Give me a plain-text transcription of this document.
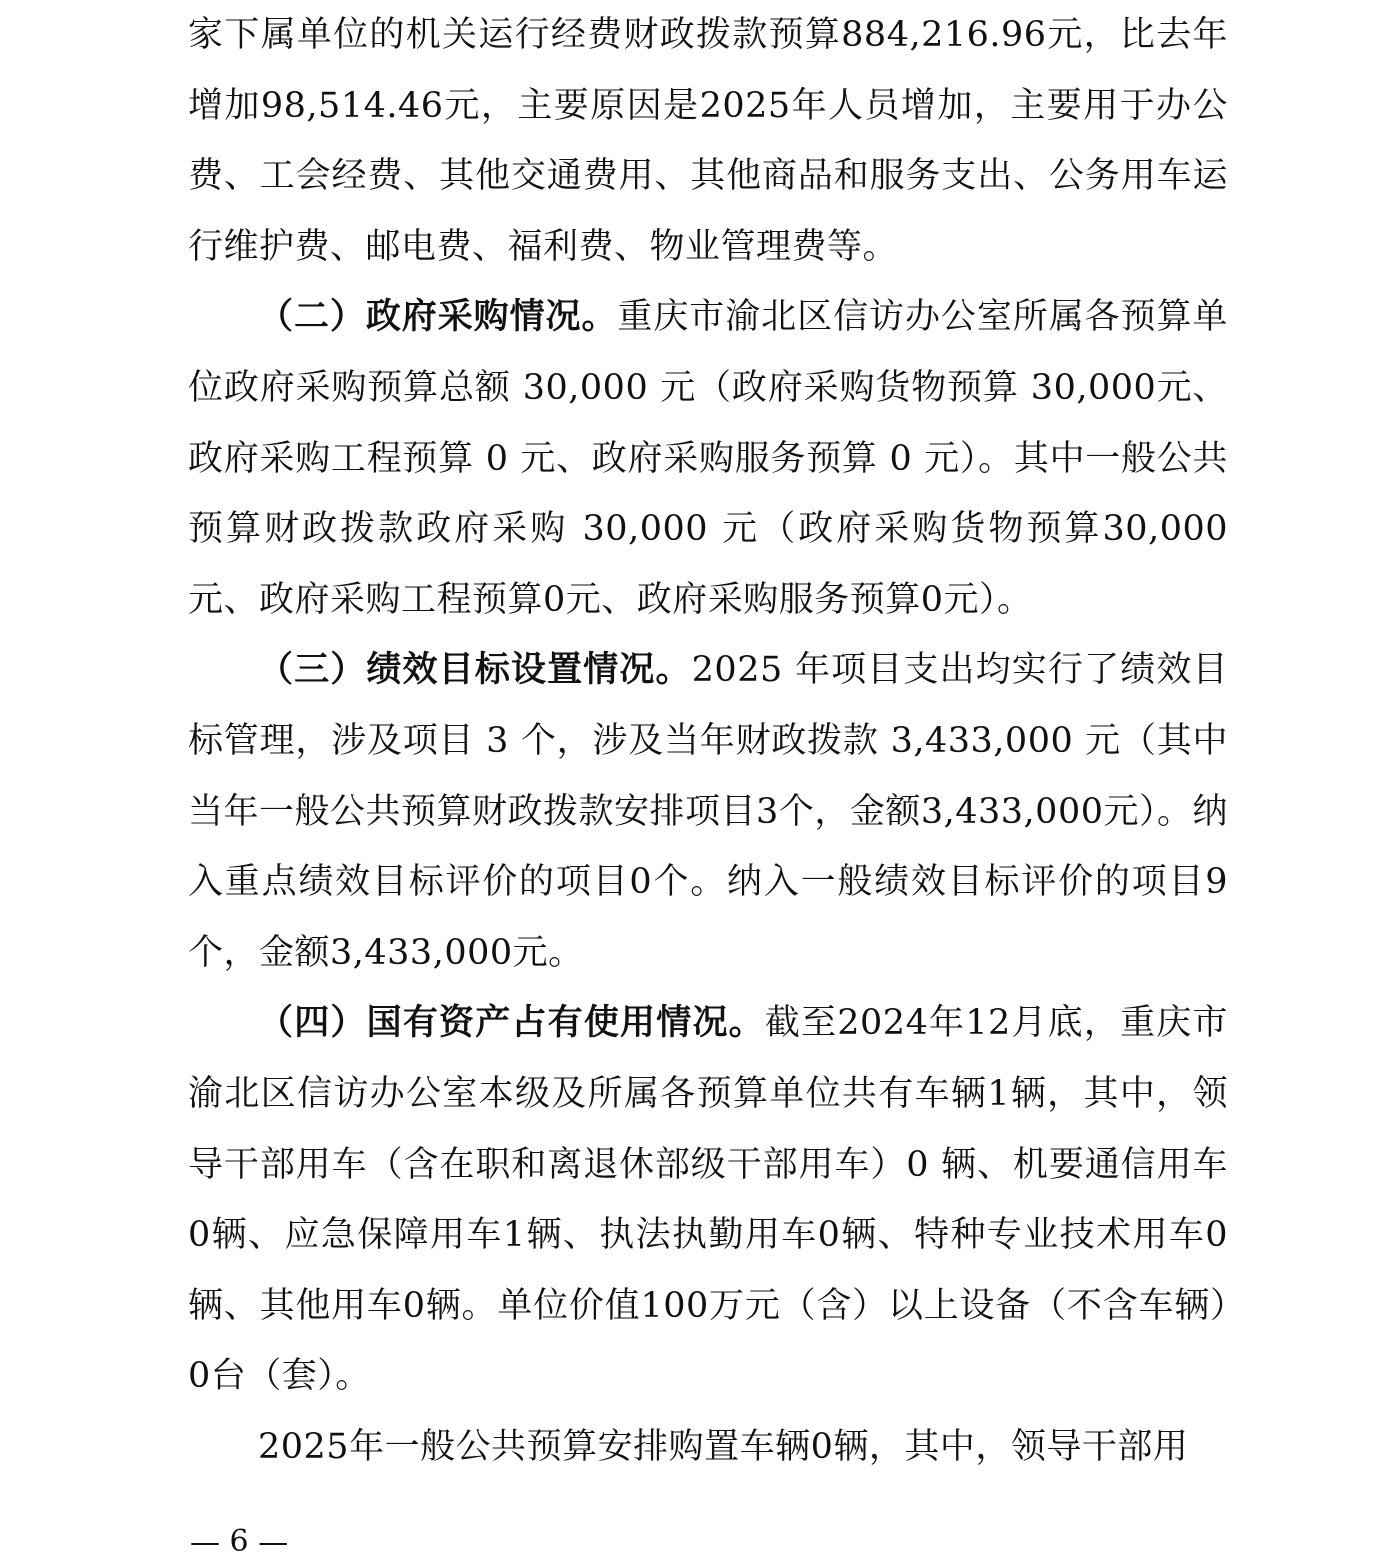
家下属单位的机关运行经费财政拨款预算884,216.96元，比去年增加98,514.46元，主要原因是2025年人员增加，主要用于办公费、工会经费、其他交通费用、其他商品和服务支出、公务用车运行维护费、邮电费、福利费、物业管理费等。

（二）政府采购情况。重庆市渝北区信访办公室所属各预算单位政府采购预算总额 30,000 元（政府采购货物预算 30,000元、政府采购工程预算 0 元、政府采购服务预算 0 元）。其中一般公共预算财政拨款政府采购 30,000 元（政府采购货物预算30,000元、政府采购工程预算0元、政府采购服务预算0元）。

（三）绩效目标设置情况。2025 年项目支出均实行了绩效目标管理，涉及项目 3 个，涉及当年财政拨款 3,433,000 元（其中当年一般公共预算财政拨款安排项目3个，金额3,433,000元）。纳入重点绩效目标评价的项目0个。纳入一般绩效目标评价的项目9个，金额3,433,000元。

（四）国有资产占有使用情况。截至2024年12月底，重庆市渝北区信访办公室本级及所属各预算单位共有车辆1辆，其中，领导干部用车（含在职和离退休部级干部用车）0 辆、机要通信用车0辆、应急保障用车1辆、执法执勤用车0辆、特种专业技术用车0辆、其他用车0辆。单位价值100万元（含）以上设备（不含车辆）0台（套）。

2025年一般公共预算安排购置车辆0辆，其中，领导干部用

— 6 —
